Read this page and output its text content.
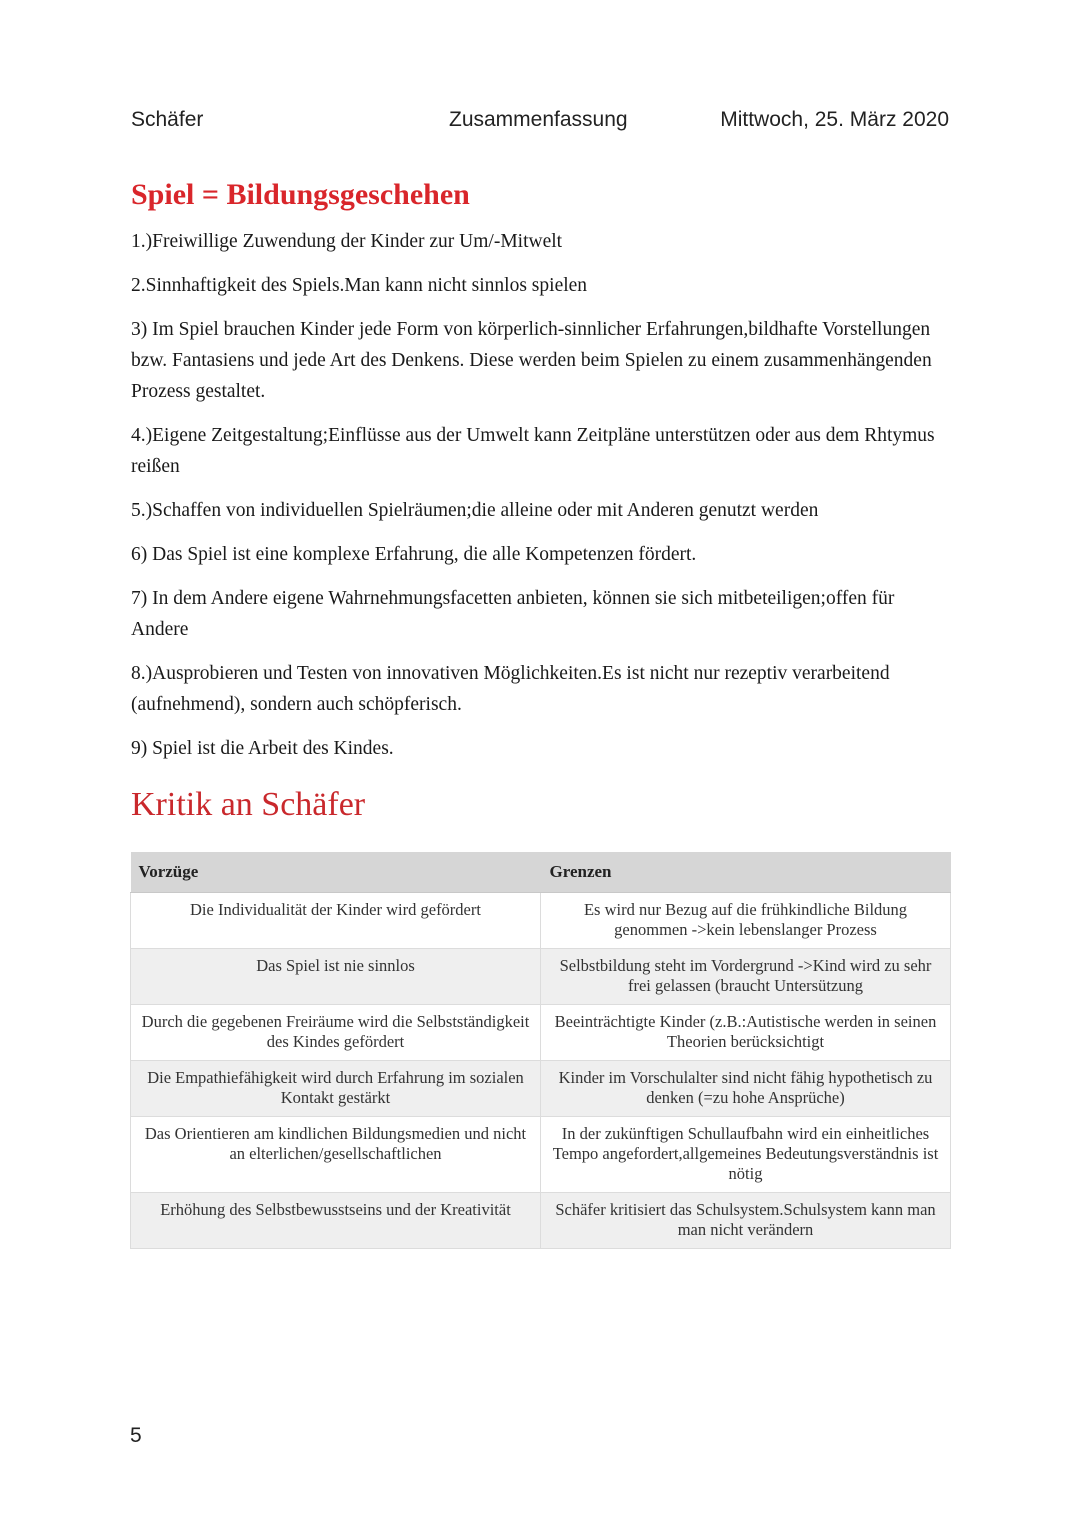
Schäfer	Zusammenfassung	Mittwoch, 25. März 2020
Spiel = Bildungsgeschehen

1.)Freiwillige Zuwendung der Kinder zur Um/-Mitwelt

2.Sinnhaftigkeit des Spiels.Man kann nicht sinnlos spielen

3) Im Spiel brauchen Kinder jede Form von körperlich-sinnlicher Erfahrungen,bildhafte Vorstellungen bzw. Fantasiens und jede Art des Denkens. Diese werden beim Spielen zu einem zusammenhängenden Prozess gestaltet.

4.)Eigene Zeitgestaltung;Einflüsse aus der Umwelt kann Zeitpläne unterstützen oder aus dem Rhtymus reißen

5.)Schaffen von individuellen Spielräumen;die alleine oder mit Anderen genutzt werden

6) Das Spiel ist eine komplexe Erfahrung, die alle Kompetenzen fördert.

7) In dem Andere eigene Wahrnehmungsfacetten anbieten, können sie sich mitbeteiligen;offen für Andere

8.)Ausprobieren und Testen von innovativen Möglichkeiten.Es ist nicht nur rezeptiv verarbeitend (aufnehmend), sondern auch schöpferisch.

9) Spiel ist die Arbeit des Kindes.

Kritik an Schäfer
Vorzüge	Grenzen
Die Individualität der Kinder wird gefördert	Es wird nur Bezug auf die frühkindliche Bildung genommen ->kein lebenslanger Prozess
Das Spiel ist nie sinnlos	Selbstbildung steht im Vordergrund ->Kind wird zu sehr frei gelassen (braucht Untersützung
Durch die gegebenen Freiräume wird die Selbstständigkeit des Kindes gefördert	Beeinträchtigte Kinder (z.B.:Autistische werden in seinen Theorien berücksichtigt
Die Empathiefähigkeit wird durch Erfahrung im sozialen Kontakt gestärkt	Kinder im Vorschulalter sind nicht fähig hypothetisch zu denken (=zu hohe Ansprüche)
Das Orientieren am kindlichen Bildungsmedien und nicht an elterlichen/gesellschaftlichen	In der zukünftigen Schullaufbahn wird ein einheitliches Tempo angefordert,allgemeines Bedeutungsverständnis ist nötig
Erhöhung des Selbstbewusstseins und der Kreativität	Schäfer kritisiert das Schulsystem.Schulsystem kann man man nicht verändern
5
